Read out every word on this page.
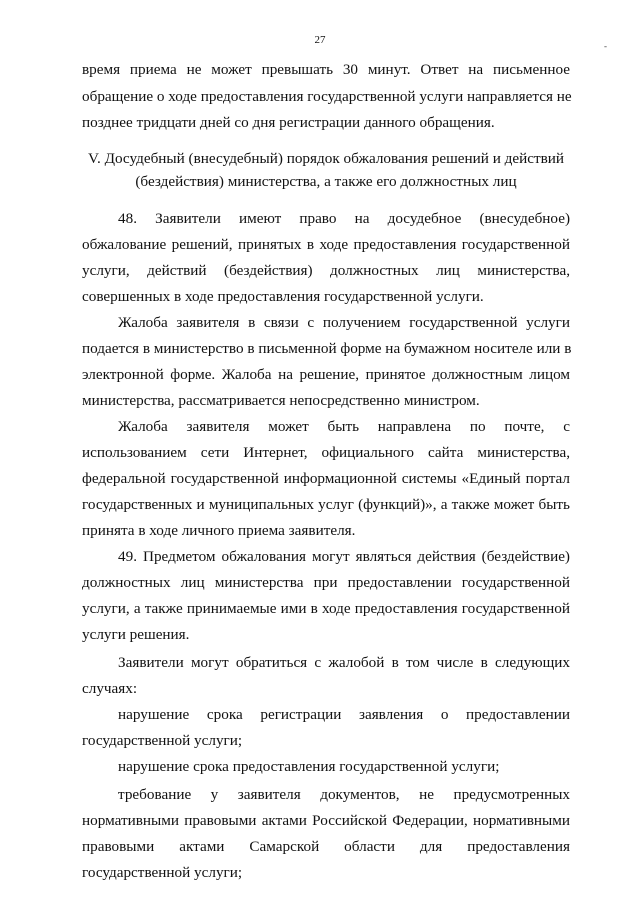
27	-
время приема не может превышать 30 минут. Ответ на письменное
обращение о ходе предоставления государственной услуги направляется не
позднее тридцати дней со дня регистрации данного обращения.
V. Досудебный (внесудебный) порядок обжалования решений и действий
(бездействия) министерства, а также его должностных лиц
48. Заявители имеют право на досудебное (внесудебное)
обжалование решений, принятых в ходе предоставления государственной
услуги, действий (бездействия) должностных лиц министерства,
совершенных в ходе предоставления государственной услуги.
Жалоба заявителя в связи с получением государственной услуги
подается в министерство в письменной форме на бумажном носителе или в
электронной форме. Жалоба на решение, принятое должностным лицом
министерства, рассматривается непосредственно министром.
Жалоба заявителя может быть направлена по почте, с
использованием сети Интернет, официального сайта министерства,
федеральной государственной информационной системы «Единый портал
государственных и муниципальных услуг (функций)», а также может быть
принята в ходе личного приема заявителя.
49. Предметом обжалования могут являться действия (бездействие)
должностных лиц министерства при предоставлении государственной
услуги, а также принимаемые ими в ходе предоставления государственной
услуги решения.
Заявители могут обратиться с жалобой в том числе в следующих
случаях:
нарушение срока регистрации заявления о предоставлении
государственной услуги;
нарушение срока предоставления государственной услуги;
требование у заявителя документов, не предусмотренных
нормативными правовыми актами Российской Федерации, нормативными
правовыми актами Самарской области для предоставления
государственной услуги;
